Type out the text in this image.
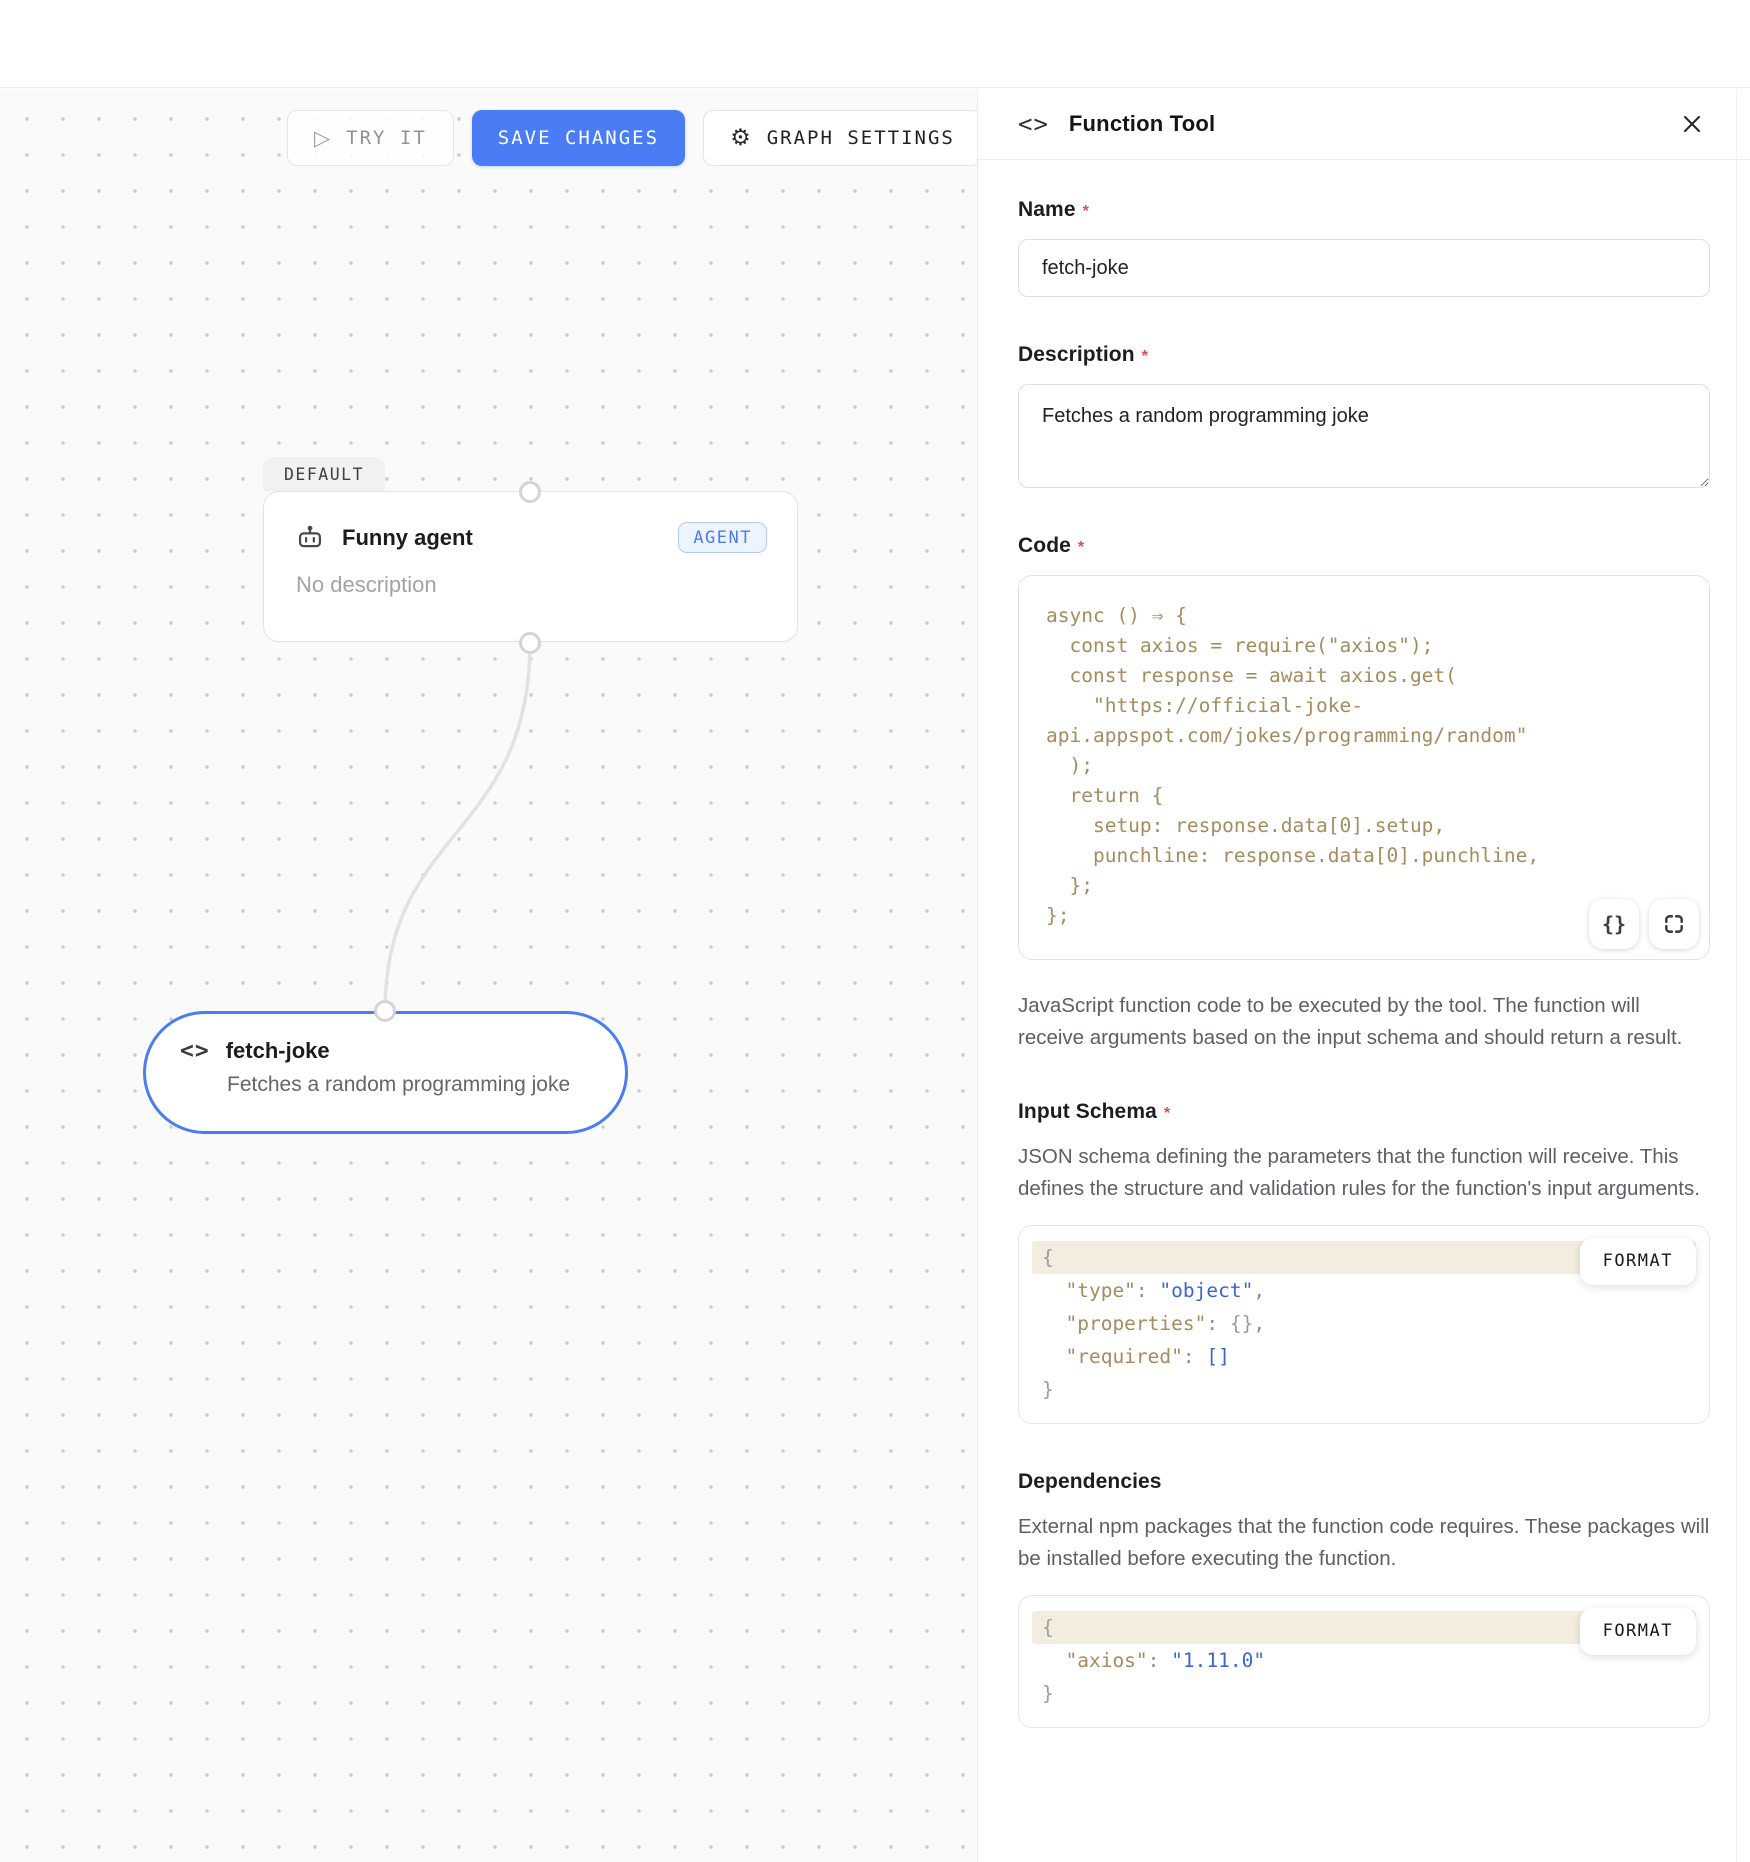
▷ TRY IT	SAVE CHANGES	⚙ GRAPH SETTINGS
DEFAULT
Funny agent	AGENT
No description
<> fetch-joke
Fetches a random programming joke
<> Function Tool
Name *
fetch-joke
Description *
Fetches a random programming joke
Code *
async () ⇒ {
const axios = require("axios");
const response = await axios.get(
"https://official-joke-
api.appspot.com/jokes/programming/random"
);
return {
setup: response.data[0].setup,
punchline: response.data[0].punchline,
};
};	{}
JavaScript function code to be executed by the tool. The function will receive arguments based on the input schema and should return a result.
Input Schema *
JSON schema defining the parameters that the function will receive. This defines the structure and validation rules for the function's input arguments.
FORMAT
{
"type": "object",
"properties": {},
"required": []
}
Dependencies
External npm packages that the function code requires. These packages will be installed before executing the function.
FORMAT
{
"axios": "1.11.0"
}
